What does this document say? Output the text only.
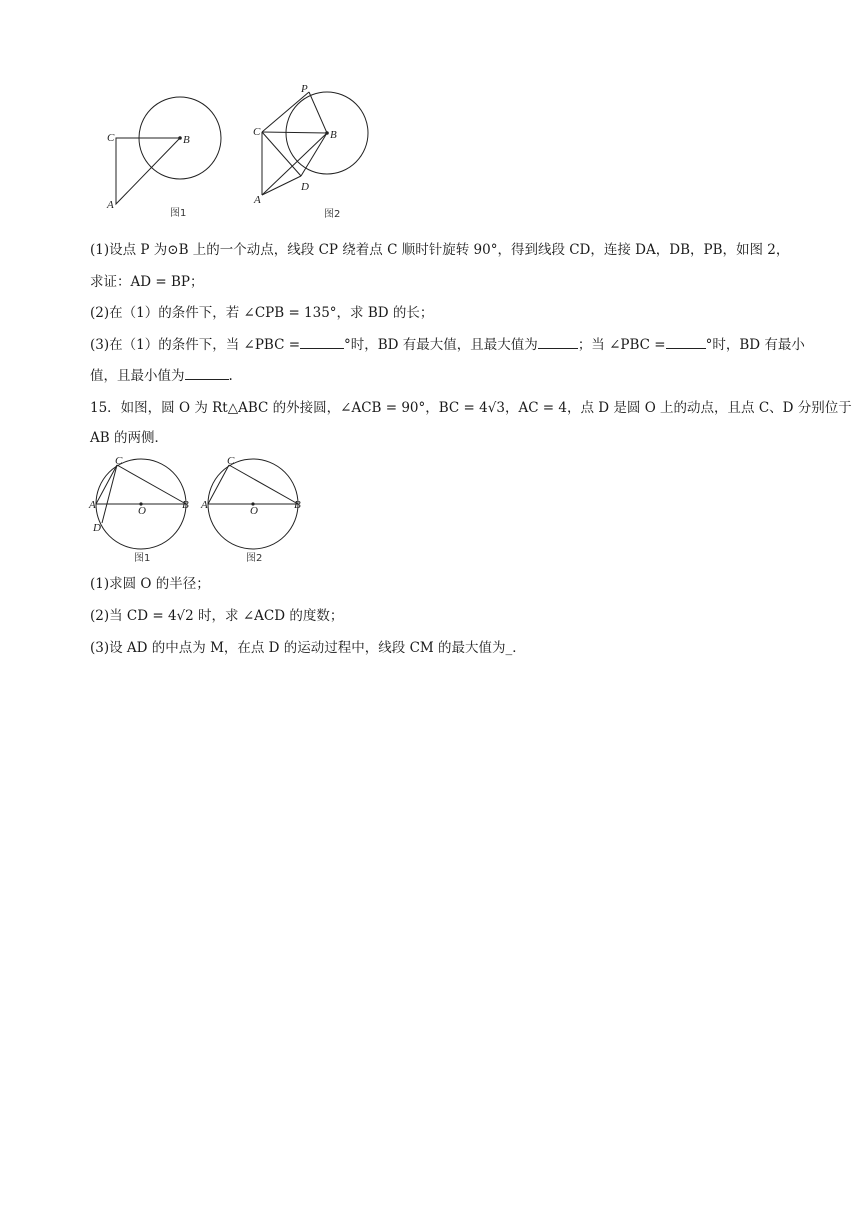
C	B
A
图1
P
C	B
D
A
图2
(1)设点 P 为⊙B 上的一个动点，线段 CP 绕着点 C 顺时针旋转 90°，得到线段 CD，连接 DA，DB，PB，如图 2，
求证：AD = BP；
(2)在（1）的条件下，若 ∠CPB = 135°，求 BD 的长；
(3)在（1）的条件下，当 ∠PBC =	°时，BD 有最大值，且最大值为	；当 ∠PBC =	°时，BD 有最小
值，且最小值为	.
15．如图，圆 O 为 Rt△ABC 的外接圆，∠ACB = 90°，BC = 4√3，AC = 4，点 D 是圆 O 上的动点，且点 C、D 分别位于
AB 的两侧．
C
A	O	B
D
图1
C
A	O	B
图2
(1)求圆 O 的半径；
(2)当 CD = 4√2 时，求 ∠ACD 的度数；
(3)设 AD 的中点为 M，在点 D 的运动过程中，线段 CM 的最大值为_．
